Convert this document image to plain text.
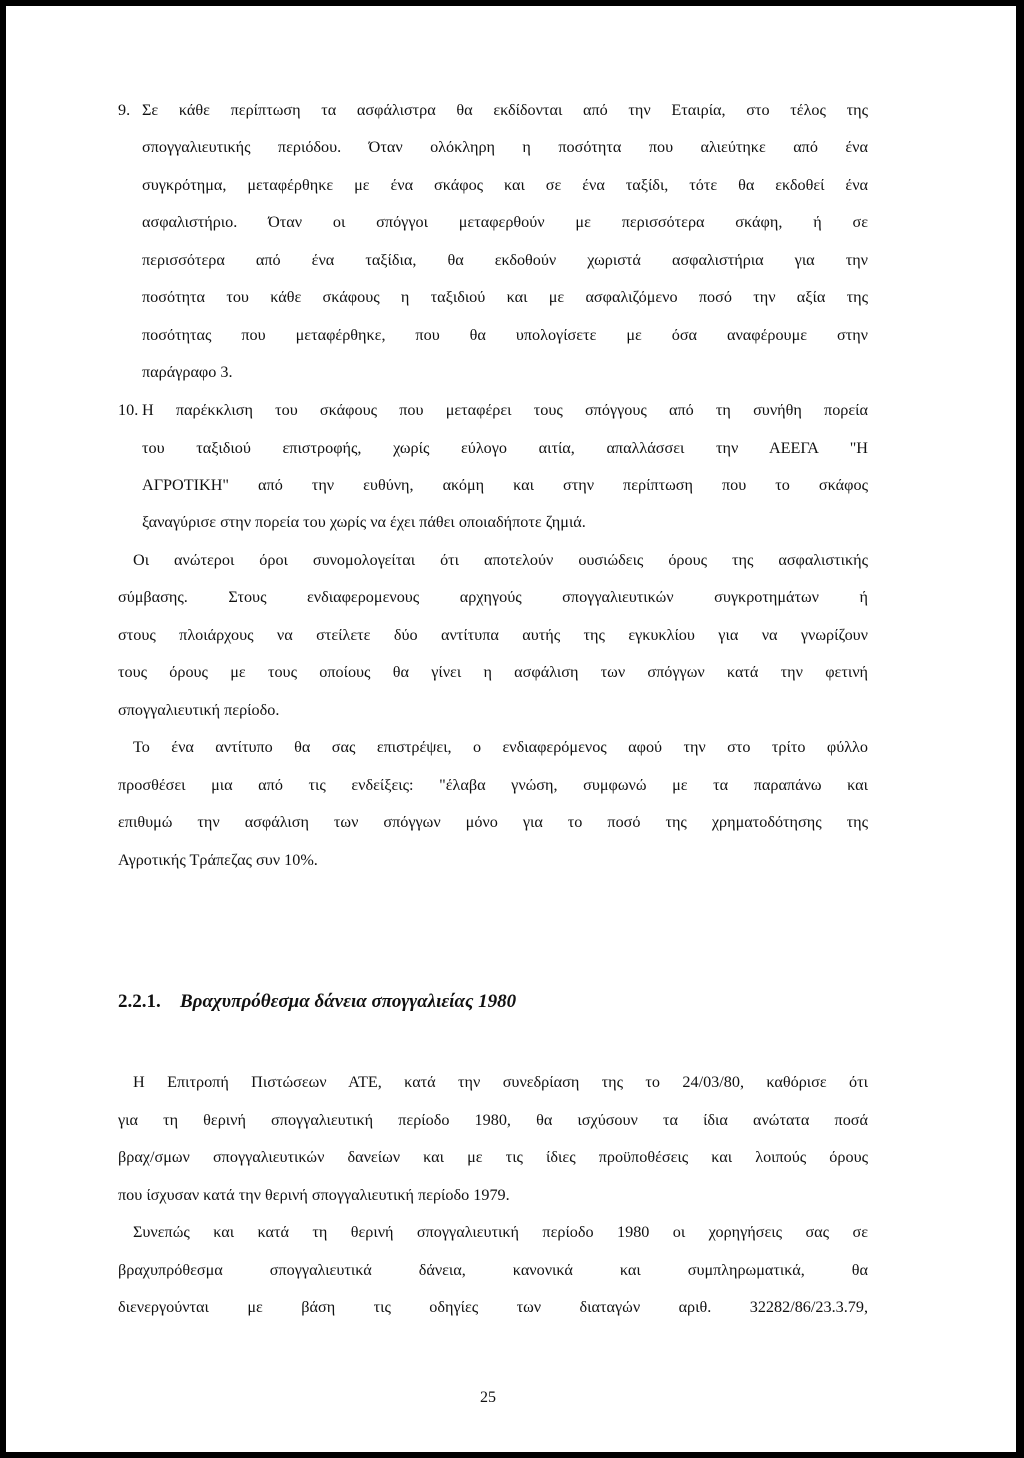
9. Σε κάθε περίπτωση τα ασφάλιστρα θα εκδίδονται από την Εταιρία, στο τέλος της
σπογγαλιευτικής περιόδου. Όταν ολόκληρη η ποσότητα που αλιεύτηκε από ένα
συγκρότημα, μεταφέρθηκε με ένα σκάφος και σε ένα ταξίδι, τότε θα εκδοθεί ένα
ασφαλιστήριο. Όταν οι σπόγγοι μεταφερθούν με περισσότερα σκάφη, ή σε
περισσότερα από ένα ταξίδια, θα εκδοθούν χωριστά ασφαλιστήρια για την
ποσότητα του κάθε σκάφους η ταξιδιού και με ασφαλιζόμενο ποσό την αξία της
ποσότητας που μεταφέρθηκε, που θα υπολογίσετε με όσα αναφέρουμε στην
παράγραφο 3.
10. Η παρέκκλιση του σκάφους που μεταφέρει τους σπόγγους από τη συνήθη πορεία
του ταξιδιού επιστροφής, χωρίς εύλογο αιτία, απαλλάσσει την ΑΕΕΓΑ "Η
ΑΓΡΟΤΙΚΗ" από την ευθύνη, ακόμη και στην περίπτωση που το σκάφος
ξαναγύρισε στην πορεία του χωρίς να έχει πάθει οποιαδήποτε ζημιά.
Οι ανώτεροι όροι συνομολογείται ότι αποτελούν ουσιώδεις όρους της ασφαλιστικής
σύμβασης. Στους ενδιαφερομενους αρχηγούς σπογγαλιευτικών συγκροτημάτων ή
στους πλοιάρχους να στείλετε δύο αντίτυπα αυτής της εγκυκλίου για να γνωρίζουν
τους όρους με τους οποίους θα γίνει η ασφάλιση των σπόγγων κατά την φετινή
σπογγαλιευτική περίοδο.
Το ένα αντίτυπο θα σας επιστρέψει, ο ενδιαφερόμενος αφού την στο τρίτο φύλλο
προσθέσει μια από τις ενδείξεις: "έλαβα γνώση, συμφωνώ με τα παραπάνω και
επιθυμώ την ασφάλιση των σπόγγων μόνο για το ποσό της χρηματοδότησης της
Αγροτικής Τράπεζας συν 10%.
2.2.1. Βραχυπρόθεσμα δάνεια σπογγαλιείας 1980
Η Επιτροπή Πιστώσεων ΑΤΕ, κατά την συνεδρίαση της το 24/03/80, καθόρισε ότι
για τη θερινή σπογγαλιευτική περίοδο 1980, θα ισχύσουν τα ίδια ανώτατα ποσά
βραχ/σμων σπογγαλιευτικών δανείων και με τις ίδιες προϋποθέσεις και λοιπούς όρους
που ίσχυσαν κατά την θερινή σπογγαλιευτική περίοδο 1979.
Συνεπώς και κατά τη θερινή σπογγαλιευτική περίοδο 1980 οι χορηγήσεις σας σε
βραχυπρόθεσμα σπογγαλιευτικά δάνεια, κανονικά και συμπληρωματικά, θα
διενεργούνται με βάση τις οδηγίες των διαταγών αριθ. 32282/86/23.3.79,
25
